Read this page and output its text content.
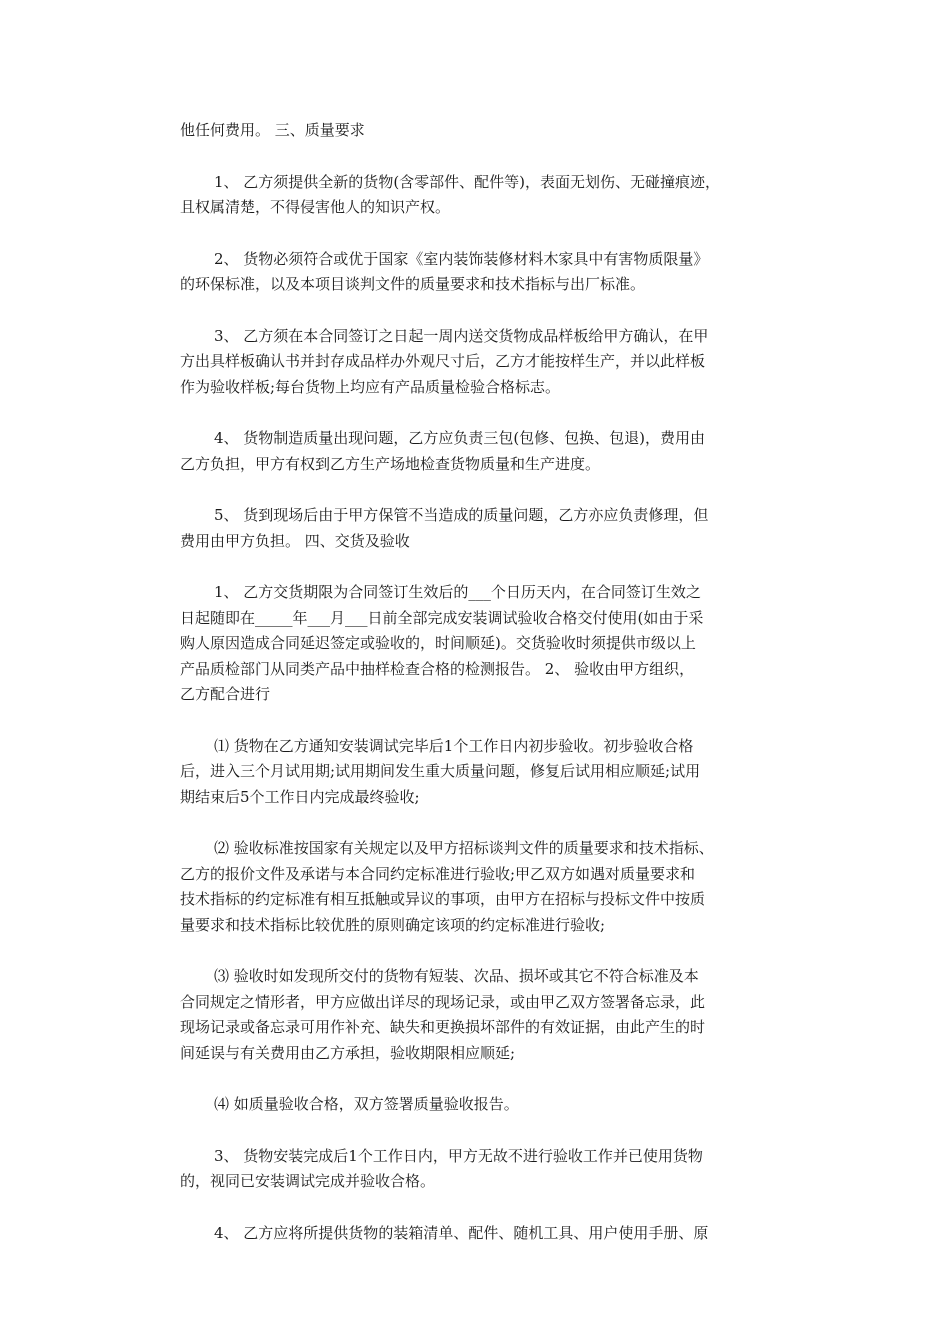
他任何费用。 三、质量要求
1、 乙方须提供全新的货物(含零部件、配件等)，表面无划伤、无碰撞痕迹，
且权属清楚，不得侵害他人的知识产权。
2、 货物必须符合或优于国家《室内装饰装修材料木家具中有害物质限量》
的环保标准，以及本项目谈判文件的质量要求和技术指标与出厂标准。
3、 乙方须在本合同签订之日起一周内送交货物成品样板给甲方确认，在甲
方出具样板确认书并封存成品样办外观尺寸后，乙方才能按样生产，并以此样板
作为验收样板;每台货物上均应有产品质量检验合格标志。
4、 货物制造质量出现问题，乙方应负责三包(包修、包换、包退)，费用由
乙方负担，甲方有权到乙方生产场地检查货物质量和生产进度。
5、 货到现场后由于甲方保管不当造成的质量问题，乙方亦应负责修理，但
费用由甲方负担。 四、交货及验收
1、 乙方交货期限为合同签订生效后的___个日历天内，在合同签订生效之
日起随即在_____年___月___日前全部完成安装调试验收合格交付使用(如由于采
购人原因造成合同延迟签定或验收的，时间顺延)。交货验收时须提供市级以上
产品质检部门从同类产品中抽样检查合格的检测报告。 2、 验收由甲方组织，
乙方配合进行
⑴ 货物在乙方通知安装调试完毕后1个工作日内初步验收。初步验收合格
后，进入三个月试用期;试用期间发生重大质量问题，修复后试用相应顺延;试用
期结束后5个工作日内完成最终验收;
⑵ 验收标准按国家有关规定以及甲方招标谈判文件的质量要求和技术指标、
乙方的报价文件及承诺与本合同约定标准进行验收;甲乙双方如遇对质量要求和
技术指标的约定标准有相互抵触或异议的事项，由甲方在招标与投标文件中按质
量要求和技术指标比较优胜的原则确定该项的约定标准进行验收;
⑶ 验收时如发现所交付的货物有短装、次品、损坏或其它不符合标准及本
合同规定之情形者，甲方应做出详尽的现场记录，或由甲乙双方签署备忘录，此
现场记录或备忘录可用作补充、缺失和更换损坏部件的有效证据，由此产生的时
间延误与有关费用由乙方承担，验收期限相应顺延;
⑷ 如质量验收合格，双方签署质量验收报告。
3、 货物安装完成后1个工作日内，甲方无故不进行验收工作并已使用货物
的，视同已安装调试完成并验收合格。
4、 乙方应将所提供货物的装箱清单、配件、随机工具、用户使用手册、原
